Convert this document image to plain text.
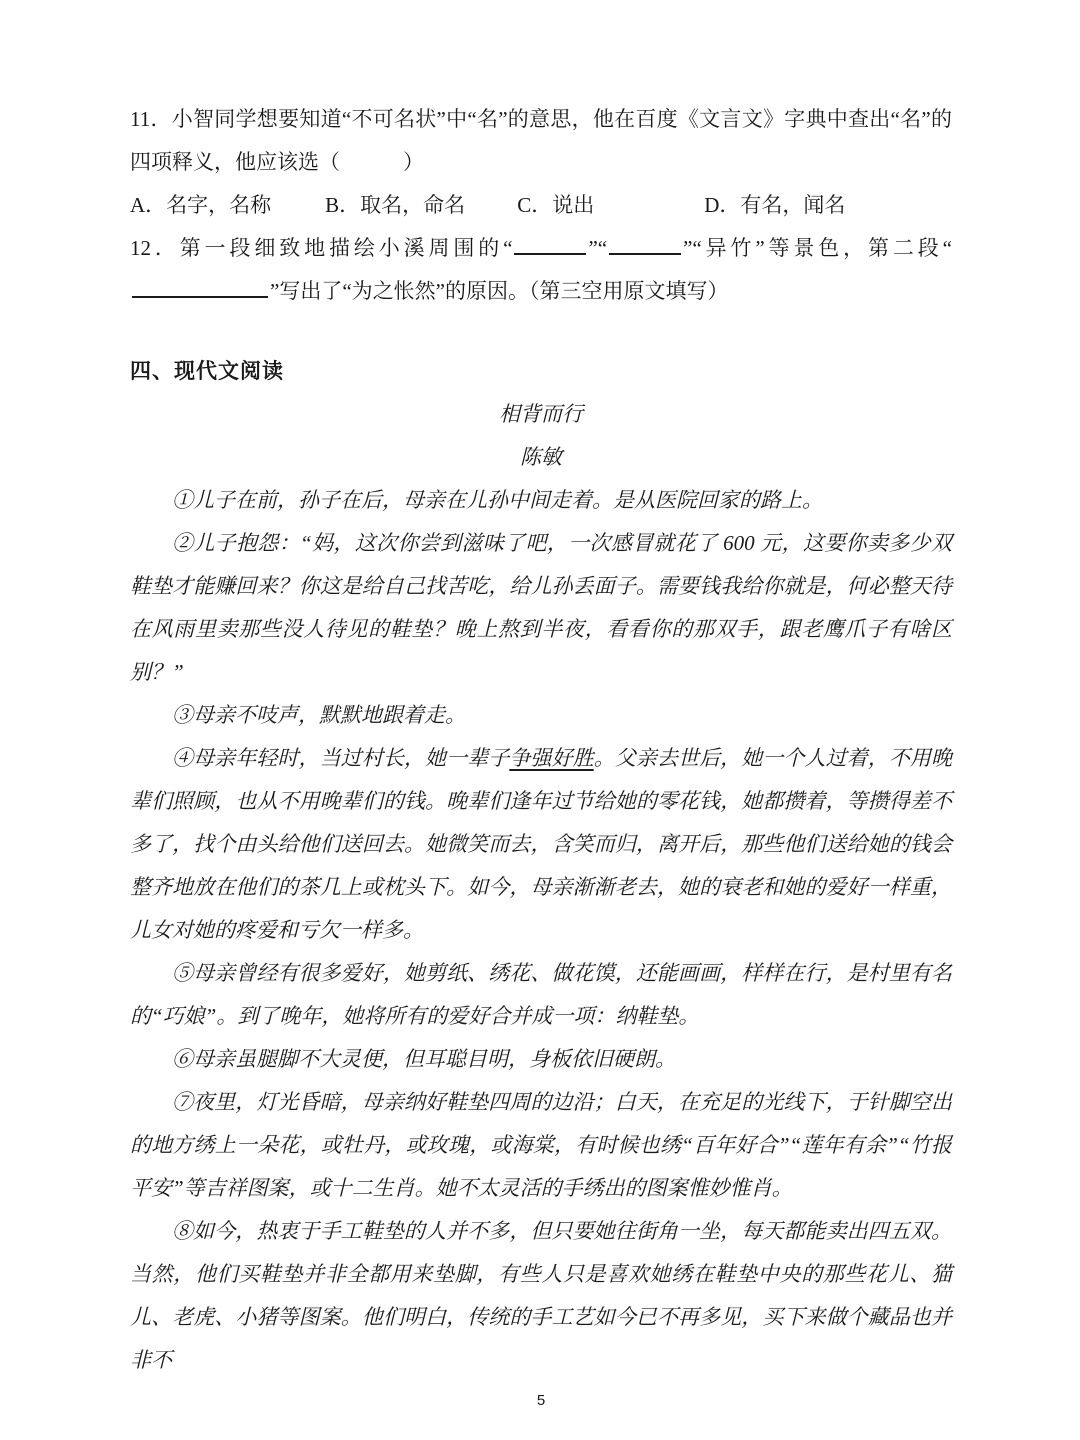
11．小智同学想要知道“不可名状”中“名”的意思，他在百度《文言文》字典中查出“名”的四项释义，他应该选（　　　）

A．名字，名称	B．取名，命名 C．说出	D．有名，闻名

12．第一段细致地描绘小溪周围的“	”“	”“异竹”等景色，第二段“”写出了“为之怅然”的原因。（第三空用原文填写）

四、现代文阅读

相背而行

陈敏

①儿子在前，孙子在后，母亲在儿孙中间走着。是从医院回家的路上。

②儿子抱怨：“妈，这次你尝到滋味了吧，一次感冒就花了 600 元，这要你卖多少双鞋垫才能赚回来？你这是给自己找苦吃，给儿孙丢面子。需要钱我给你就是，何必整天待在风雨里卖那些没人待见的鞋垫？晚上熬到半夜，看看你的那双手，跟老鹰爪子有啥区别？”

③母亲不吱声，默默地跟着走。

④母亲年轻时，当过村长，她一辈子争强好胜。父亲去世后，她一个人过着，不用晚辈们照顾，也从不用晚辈们的钱。晚辈们逢年过节给她的零花钱，她都攒着，等攒得差不多了，找个由头给他们送回去。她微笑而去，含笑而归，离开后，那些他们送给她的钱会整齐地放在他们的茶几上或枕头下。如今，母亲渐渐老去，她的衰老和她的爱好一样重，儿女对她的疼爱和亏欠一样多。

⑤母亲曾经有很多爱好，她剪纸、绣花、做花馍，还能画画，样样在行，是村里有名的“巧娘”。到了晚年，她将所有的爱好合并成一项：纳鞋垫。

⑥母亲虽腿脚不大灵便，但耳聪目明，身板依旧硬朗。

⑦夜里，灯光昏暗，母亲纳好鞋垫四周的边沿；白天，在充足的光线下，于针脚空出的地方绣上一朵花，或牡丹，或玫瑰，或海棠，有时候也绣“百年好合”“莲年有余”“竹报平安”等吉祥图案，或十二生肖。她不太灵活的手绣出的图案惟妙惟肖。

⑧如今，热衷于手工鞋垫的人并不多，但只要她往街角一坐，每天都能卖出四五双。当然，他们买鞋垫并非全都用来垫脚，有些人只是喜欢她绣在鞋垫中央的那些花儿、猫儿、老虎、小猪等图案。他们明白，传统的手工艺如今已不再多见，买下来做个藏品也并非不

5
